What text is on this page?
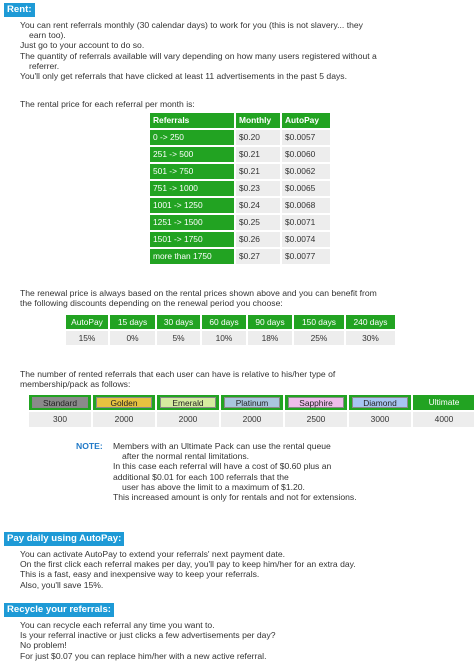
Rent:
You can rent referrals monthly (30 calendar days) to work for you (this is not slavery... they
earn too).
Just go to your account to do so.
The quantity of referrals available will vary depending on how many users registered without a
referrer.
You'll only get referrals that have clicked at least 11 advertisements in the past 5 days.
The rental price for each referral per month is:
Referrals	Monthly	AutoPay
0 -> 250	$0.20	$0.0057
251 -> 500	$0.21	$0.0060
501 -> 750	$0.21	$0.0062
751 -> 1000	$0.23	$0.0065
1001 -> 1250	$0.24	$0.0068
1251 -> 1500	$0.25	$0.0071
1501 -> 1750	$0.26	$0.0074
more than 1750	$0.27	$0.0077
The renewal price is always based on the rental prices shown above and you can benefit from
the following discounts depending on the renewal period you choose:
AutoPay	15 days	30 days	60 days	90 days	150 days	240 days
15%	0%	5%	10%	18%	25%	30%
The number of rented referrals that each user can have is relative to his/her type of
membership/pack as follows:
Standard	Golden	Emerald	Platinum	Sapphire	Diamond	Ultimate

300	2000	2000	2000	2500	3000	4000
NOTE: Members with an Ultimate Pack can use the rental queue
after the normal rental limitations.
In this case each referral will have a cost of $0.60 plus an
additional $0.01 for each 100 referrals that the
user has above the limit to a maximum of $1.20.
This increased amount is only for rentals and not for extensions.
Pay daily using AutoPay:
You can activate AutoPay to extend your referrals' next payment date.
On the first click each referral makes per day, you'll pay to keep him/her for an extra day.
This is a fast, easy and inexpensive way to keep your referrals.
Also, you'll save 15%.
Recycle your referrals:
You can recycle each referral any time you want to.
Is your referral inactive or just clicks a few advertisements per day?
No problem!
For just $0.07 you can replace him/her with a new active referral.
